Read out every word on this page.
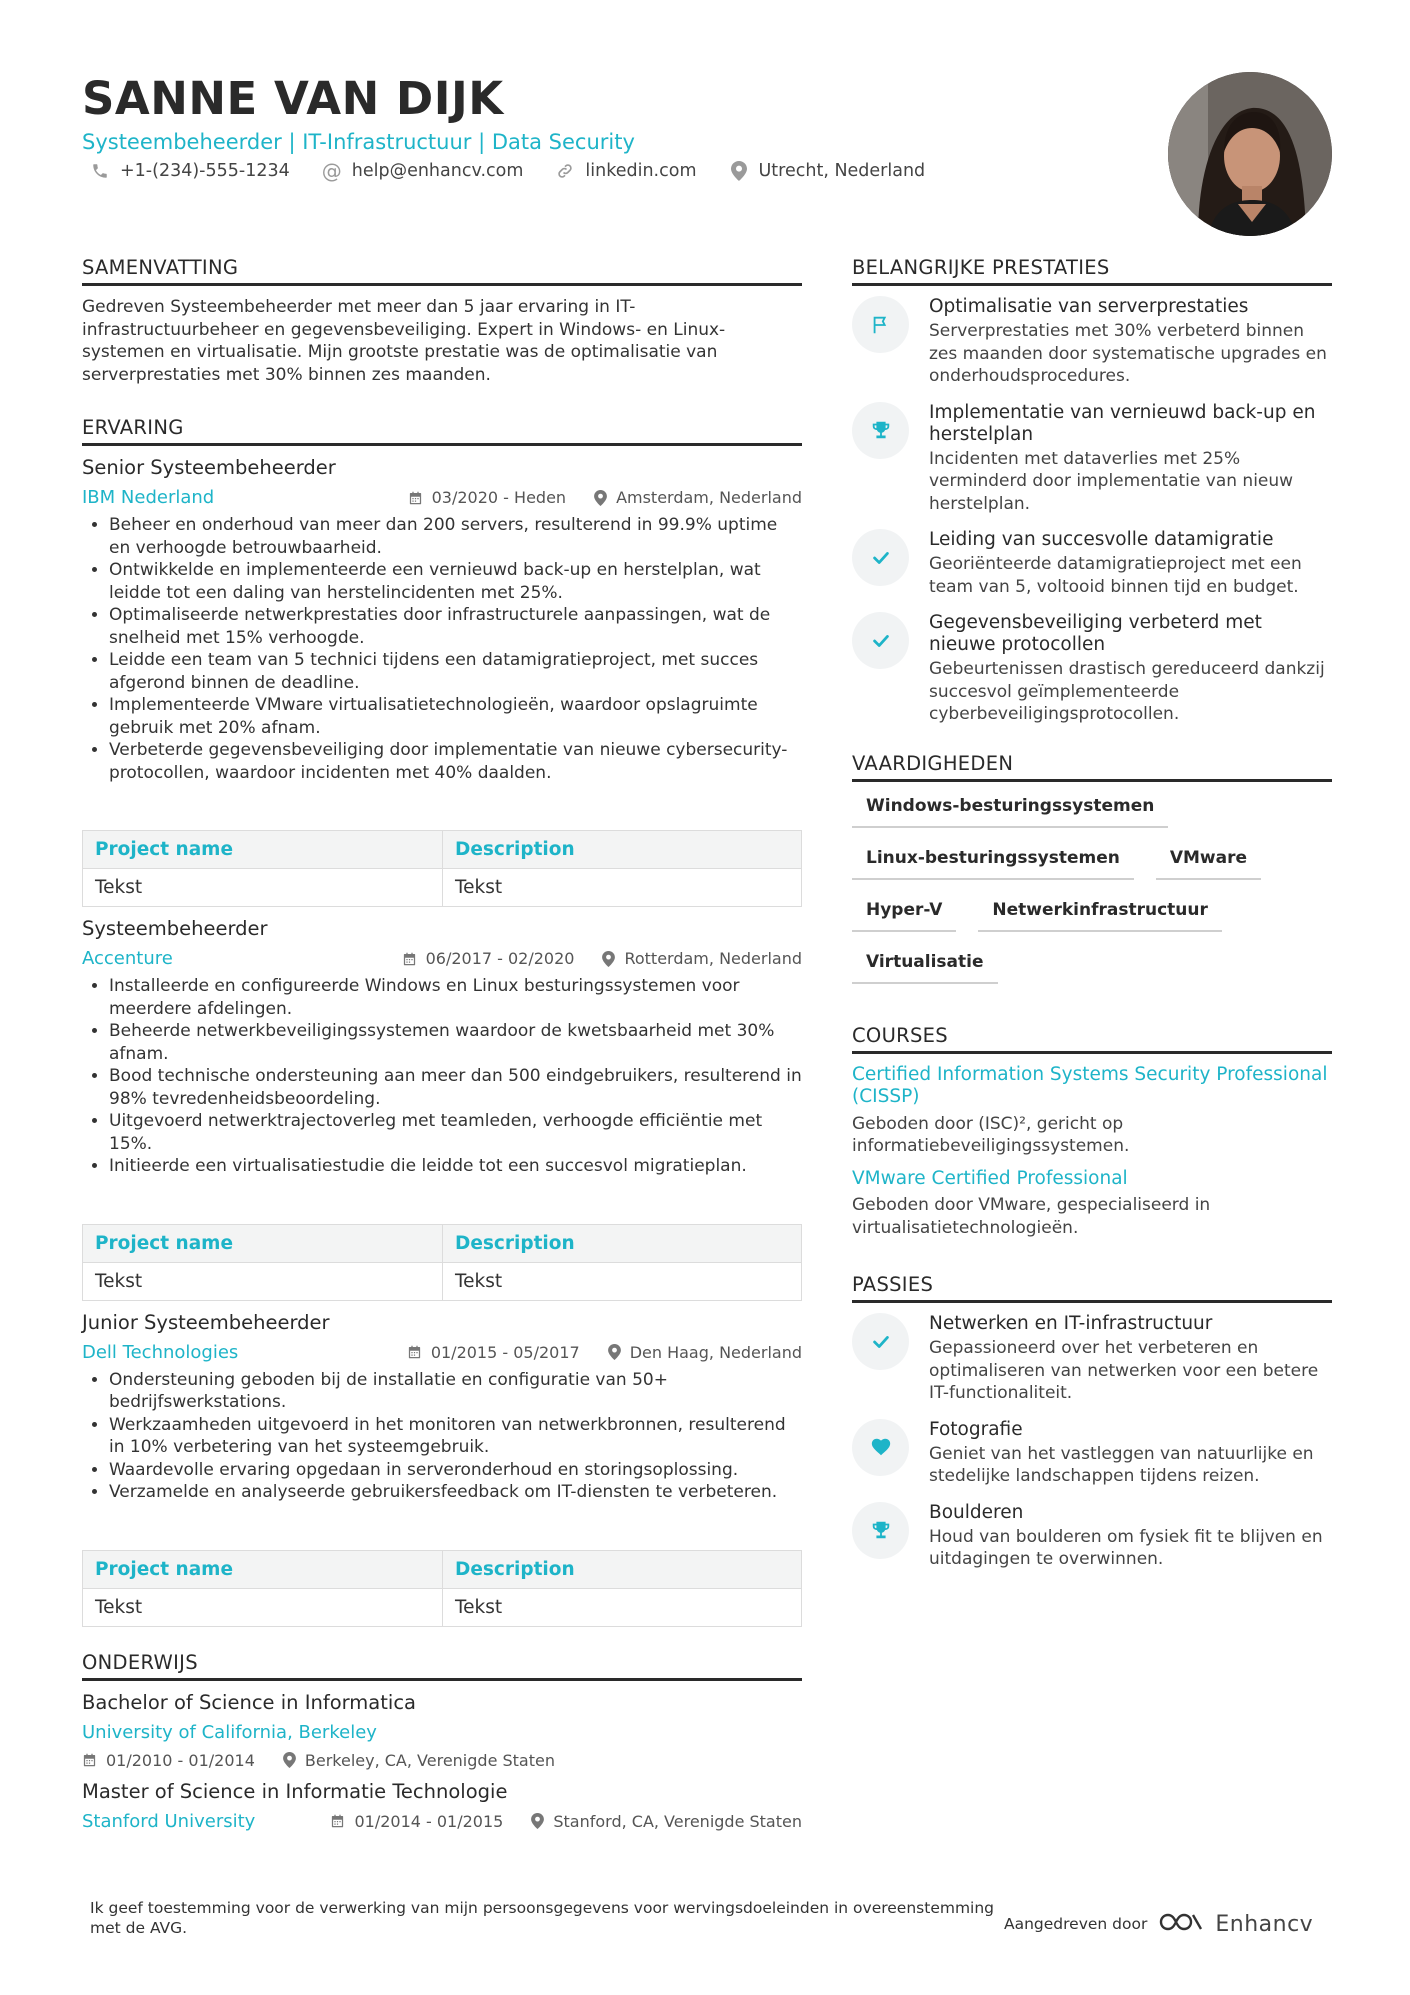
SANNE VAN DIJK
Systeembeheerder | IT-Infrastructuur | Data Security
+1-(234)-555-1234 @ help@enhancv.com	linkedin.com	Utrecht, Nederland
SAMENVATTING
Gedreven Systeembeheerder met meer dan 5 jaar ervaring in IT-infrastructuurbeheer en gegevensbeveiliging. Expert in Windows- en Linux-systemen en virtualisatie. Mijn grootste prestatie was de optimalisatie van serverprestaties met 30% binnen zes maanden.
ERVARING
Senior Systeembeheerder
IBM Nederland	03/2020 - Heden	Amsterdam, Nederland
• Beheer en onderhoud van meer dan 200 servers, resulterend in 99.9% uptime en verhoogde betrouwbaarheid.
• Ontwikkelde en implementeerde een vernieuwd back-up en herstelplan, wat leidde tot een daling van herstelincidenten met 25%.
• Optimaliseerde netwerkprestaties door infrastructurele aanpassingen, wat de snelheid met 15% verhoogde.
• Leidde een team van 5 technici tijdens een datamigratieproject, met succes afgerond binnen de deadline.
• Implementeerde VMware virtualisatietechnologieën, waardoor opslagruimte gebruik met 20% afnam.
• Verbeterde gegevensbeveiliging door implementatie van nieuwe cybersecurity-protocollen, waardoor incidenten met 40% daalden.
Project name	Description
Tekst	Tekst
Systeembeheerder
Accenture	06/2017 - 02/2020	Rotterdam, Nederland
• Installeerde en configureerde Windows en Linux besturingssystemen voor meerdere afdelingen.
• Beheerde netwerkbeveiligingssystemen waardoor de kwetsbaarheid met 30% afnam.
• Bood technische ondersteuning aan meer dan 500 eindgebruikers, resulterend in 98% tevredenheidsbeoordeling.
• Uitgevoerd netwerktrajectoverleg met teamleden, verhoogde efficiëntie met 15%.
• Initieerde een virtualisatiestudie die leidde tot een succesvol migratieplan.
Project name	Description
Tekst	Tekst
Junior Systeembeheerder
Dell Technologies	01/2015 - 05/2017	Den Haag, Nederland
• Ondersteuning geboden bij de installatie en configuratie van 50+ bedrijfswerkstations.
• Werkzaamheden uitgevoerd in het monitoren van netwerkbronnen, resulterend in 10% verbetering van het systeemgebruik.
• Waardevolle ervaring opgedaan in serveronderhoud en storingsoplossing.
• Verzamelde en analyseerde gebruikersfeedback om IT-diensten te verbeteren.
Project name	Description
Tekst	Tekst
ONDERWIJS
Bachelor of Science in Informatica
University of California, Berkeley
01/2010 - 01/2014	Berkeley, CA, Verenigde Staten
Master of Science in Informatie Technologie
Stanford University	01/2014 - 01/2015	Stanford, CA, Verenigde Staten
BELANGRIJKE PRESTATIES
Optimalisatie van serverprestaties
Serverprestaties met 30% verbeterd binnen zes maanden door systematische upgrades en onderhoudsprocedures.
Implementatie van vernieuwd back-up en herstelplan
Incidenten met dataverlies met 25% verminderd door implementatie van nieuw herstelplan.
Leiding van succesvolle datamigratie
Georiënteerde datamigratieproject met een team van 5, voltooid binnen tijd en budget.
Gegevensbeveiliging verbeterd met nieuwe protocollen
Gebeurtenissen drastisch gereduceerd dankzij succesvol geïmplementeerde cyberbeveiligingsprotocollen.
VAARDIGHEDEN
Windows-besturingssystemen
Linux-besturingssystemen	VMware
Hyper-V	Netwerkinfrastructuur
Virtualisatie
COURSES
Certified Information Systems Security Professional (CISSP)
Geboden door (ISC)², gericht op informatiebeveiligingssystemen.
VMware Certified Professional
Geboden door VMware, gespecialiseerd in virtualisatietechnologieën.
PASSIES
Netwerken en IT-infrastructuur
Gepassioneerd over het verbeteren en optimaliseren van netwerken voor een betere IT-functionaliteit.
Fotografie
Geniet van het vastleggen van natuurlijke en stedelijke landschappen tijdens reizen.
Boulderen
Houd van boulderen om fysiek fit te blijven en uitdagingen te overwinnen.
Ik geef toestemming voor de verwerking van mijn persoonsgegevens voor wervingsdoeleinden in overeenstemming met de AVG.	Aangedreven door	Enhancv
